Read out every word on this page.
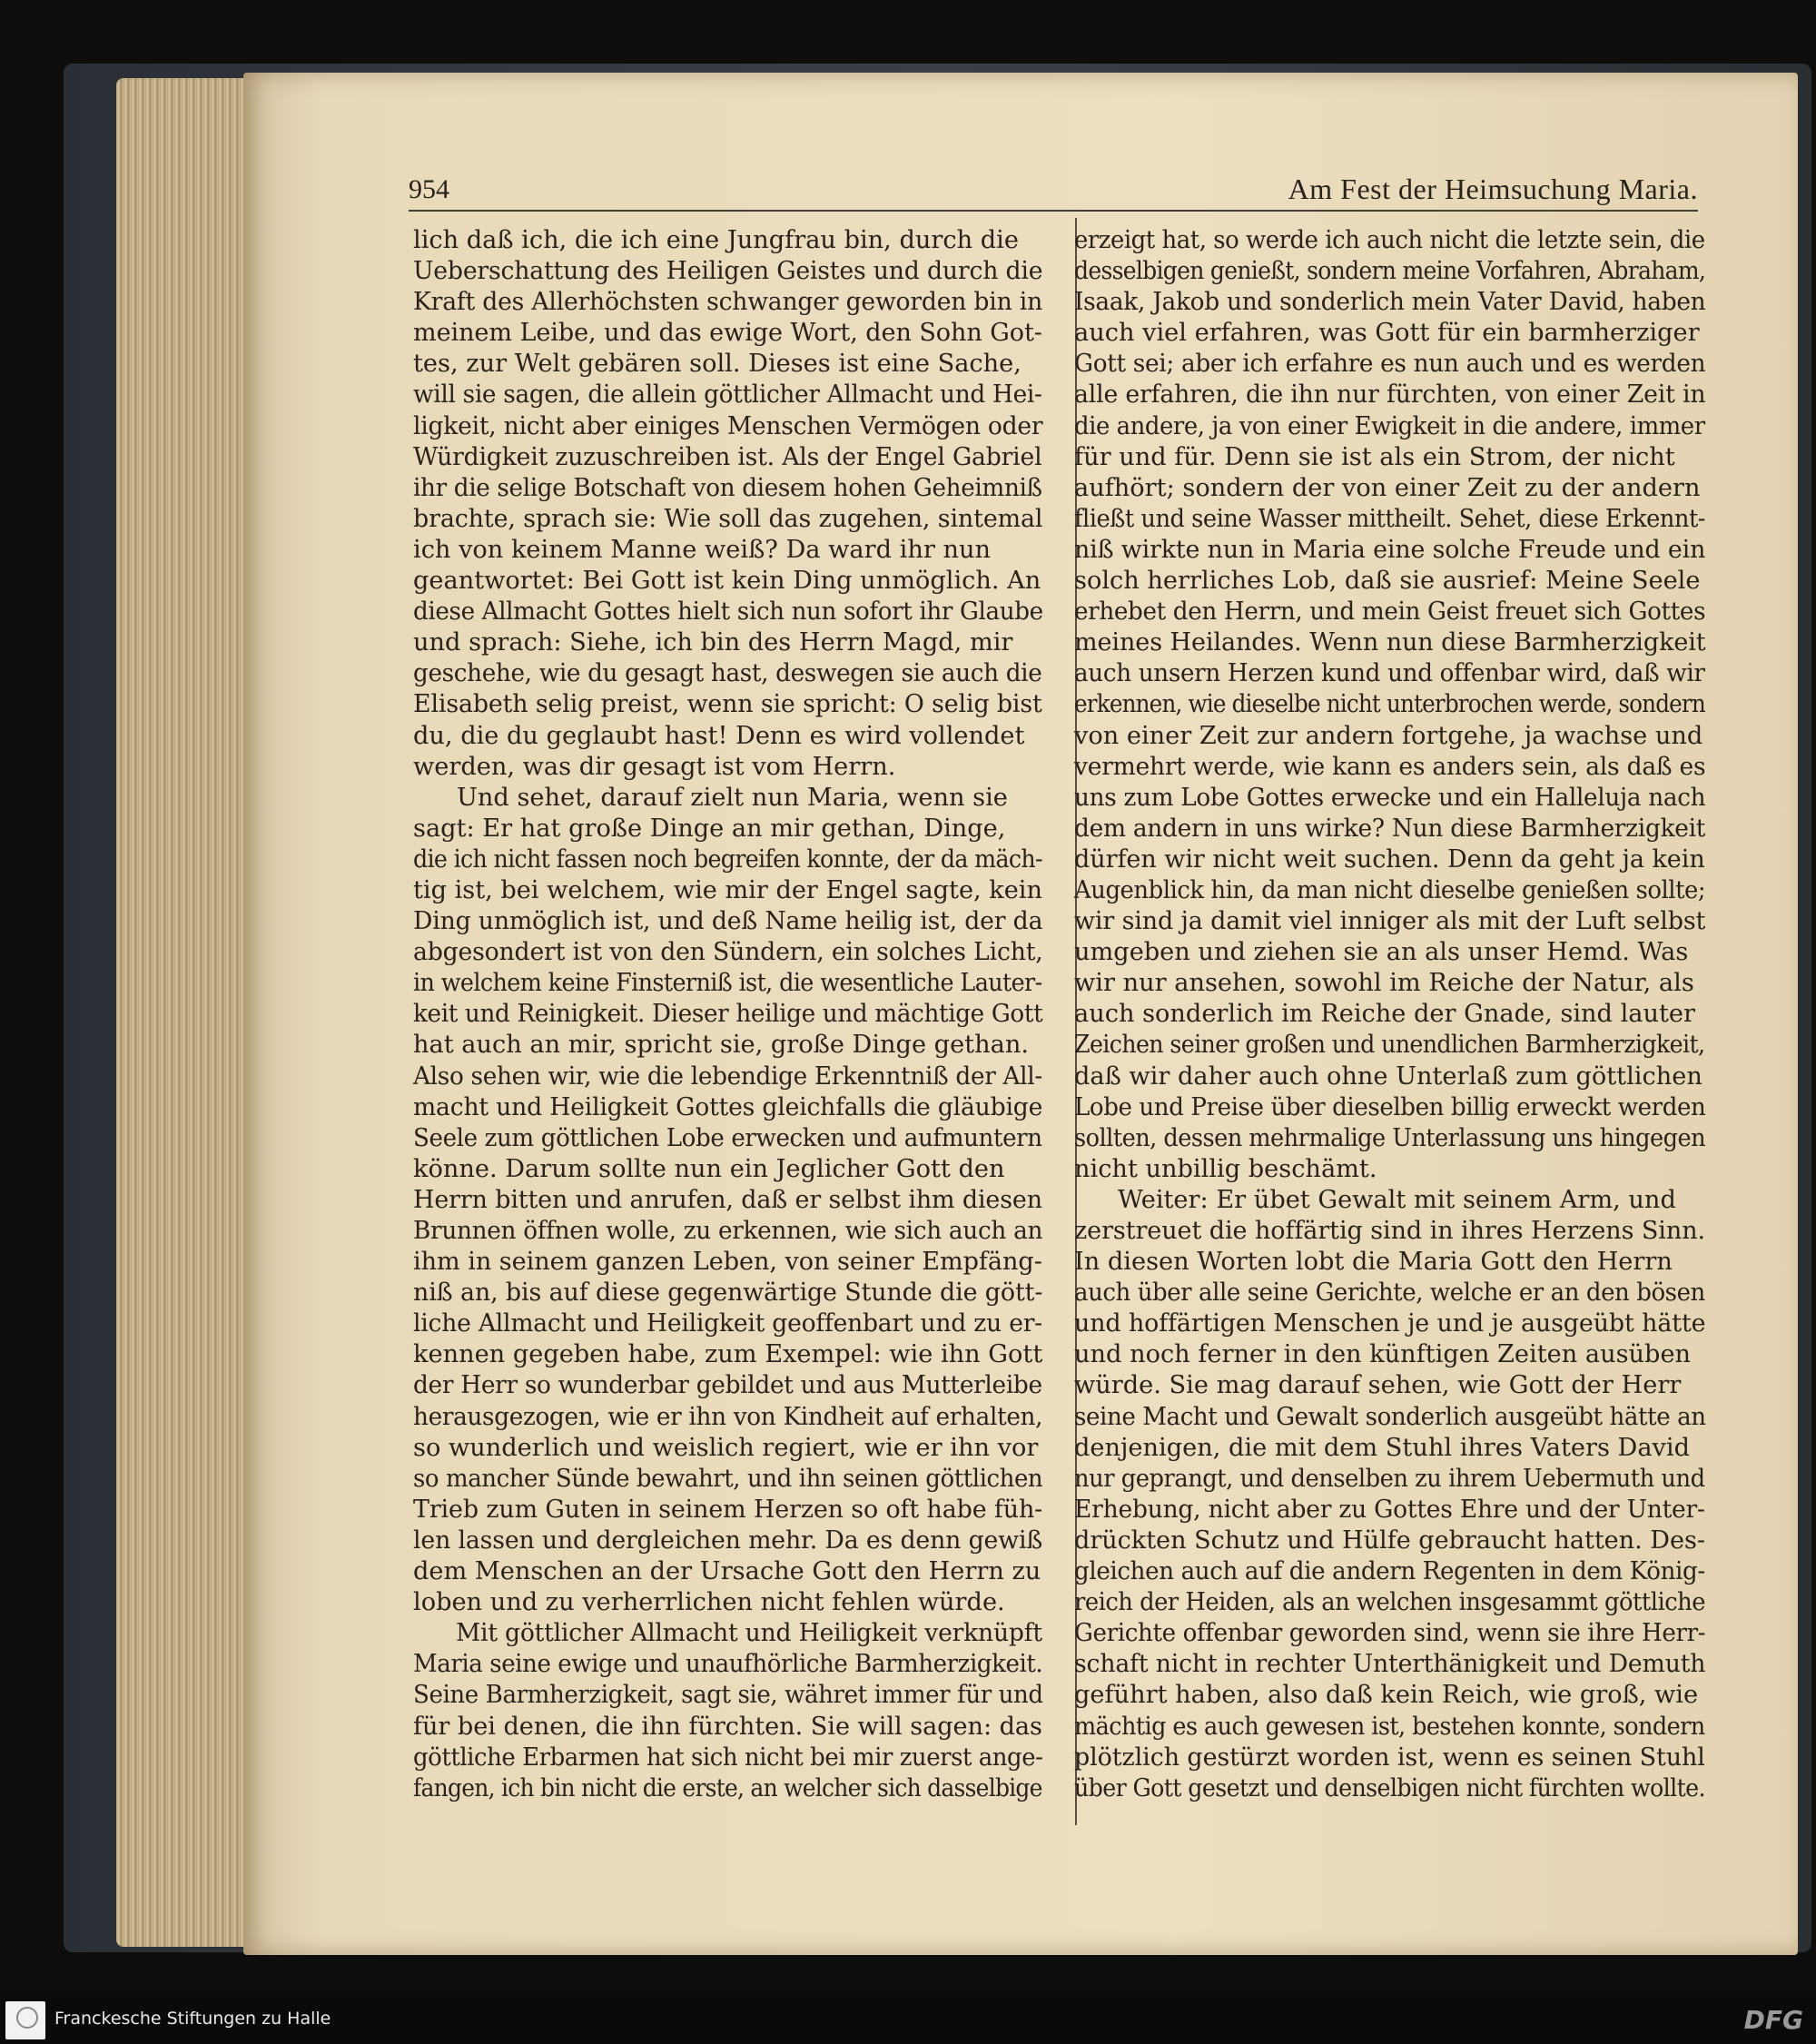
954	Am Fest der Heimsuchung Maria.
lich daß ich, die ich eine Jungfrau bin, durch die
Ueberschattung des Heiligen Geistes und durch die
Kraft des Allerhöchsten schwanger geworden bin in
meinem Leibe, und das ewige Wort, den Sohn Got-
tes, zur Welt gebären soll. Dieses ist eine Sache,
will sie sagen, die allein göttlicher Allmacht und Hei-
ligkeit, nicht aber einiges Menschen Vermögen oder
Würdigkeit zuzuschreiben ist. Als der Engel Gabriel
ihr die selige Botschaft von diesem hohen Geheimniß
brachte, sprach sie: Wie soll das zugehen, sintemal
ich von keinem Manne weiß? Da ward ihr nun
geantwortet: Bei Gott ist kein Ding unmöglich. An
diese Allmacht Gottes hielt sich nun sofort ihr Glaube
und sprach: Siehe, ich bin des Herrn Magd, mir
geschehe, wie du gesagt hast, deswegen sie auch die
Elisabeth selig preist, wenn sie spricht: O selig bist
du, die du geglaubt hast! Denn es wird vollendet
werden, was dir gesagt ist vom Herrn.
Und sehet, darauf zielt nun Maria, wenn sie
sagt: Er hat große Dinge an mir gethan, Dinge,
die ich nicht fassen noch begreifen konnte, der da mäch-
tig ist, bei welchem, wie mir der Engel sagte, kein
Ding unmöglich ist, und deß Name heilig ist, der da
abgesondert ist von den Sündern, ein solches Licht,
in welchem keine Finsterniß ist, die wesentliche Lauter-
keit und Reinigkeit. Dieser heilige und mächtige Gott
hat auch an mir, spricht sie, große Dinge gethan.
Also sehen wir, wie die lebendige Erkenntniß der All-
macht und Heiligkeit Gottes gleichfalls die gläubige
Seele zum göttlichen Lobe erwecken und aufmuntern
könne. Darum sollte nun ein Jeglicher Gott den
Herrn bitten und anrufen, daß er selbst ihm diesen
Brunnen öffnen wolle, zu erkennen, wie sich auch an
ihm in seinem ganzen Leben, von seiner Empfäng-
niß an, bis auf diese gegenwärtige Stunde die gött-
liche Allmacht und Heiligkeit geoffenbart und zu er-
kennen gegeben habe, zum Exempel: wie ihn Gott
der Herr so wunderbar gebildet und aus Mutterleibe
herausgezogen, wie er ihn von Kindheit auf erhalten,
so wunderlich und weislich regiert, wie er ihn vor
so mancher Sünde bewahrt, und ihn seinen göttlichen
Trieb zum Guten in seinem Herzen so oft habe füh-
len lassen und dergleichen mehr. Da es denn gewiß
dem Menschen an der Ursache Gott den Herrn zu
loben und zu verherrlichen nicht fehlen würde.
Mit göttlicher Allmacht und Heiligkeit verknüpft
Maria seine ewige und unaufhörliche Barmherzigkeit.
Seine Barmherzigkeit, sagt sie, währet immer für und
für bei denen, die ihn fürchten. Sie will sagen: das
göttliche Erbarmen hat sich nicht bei mir zuerst ange-
fangen, ich bin nicht die erste, an welcher sich dasselbige
erzeigt hat, so werde ich auch nicht die letzte sein, die
desselbigen genießt, sondern meine Vorfahren, Abraham,
Isaak, Jakob und sonderlich mein Vater David, haben
auch viel erfahren, was Gott für ein barmherziger
Gott sei; aber ich erfahre es nun auch und es werden
alle erfahren, die ihn nur fürchten, von einer Zeit in
die andere, ja von einer Ewigkeit in die andere, immer
für und für. Denn sie ist als ein Strom, der nicht
aufhört; sondern der von einer Zeit zu der andern
fließt und seine Wasser mittheilt. Sehet, diese Erkennt-
niß wirkte nun in Maria eine solche Freude und ein
solch herrliches Lob, daß sie ausrief: Meine Seele
erhebet den Herrn, und mein Geist freuet sich Gottes
meines Heilandes. Wenn nun diese Barmherzigkeit
auch unsern Herzen kund und offenbar wird, daß wir
erkennen, wie dieselbe nicht unterbrochen werde, sondern
von einer Zeit zur andern fortgehe, ja wachse und
vermehrt werde, wie kann es anders sein, als daß es
uns zum Lobe Gottes erwecke und ein Halleluja nach
dem andern in uns wirke? Nun diese Barmherzigkeit
dürfen wir nicht weit suchen. Denn da geht ja kein
Augenblick hin, da man nicht dieselbe genießen sollte;
wir sind ja damit viel inniger als mit der Luft selbst
umgeben und ziehen sie an als unser Hemd. Was
wir nur ansehen, sowohl im Reiche der Natur, als
auch sonderlich im Reiche der Gnade, sind lauter
Zeichen seiner großen und unendlichen Barmherzigkeit,
daß wir daher auch ohne Unterlaß zum göttlichen
Lobe und Preise über dieselben billig erweckt werden
sollten, dessen mehrmalige Unterlassung uns hingegen
nicht unbillig beschämt.
Weiter: Er übet Gewalt mit seinem Arm, und
zerstreuet die hoffärtig sind in ihres Herzens Sinn.
In diesen Worten lobt die Maria Gott den Herrn
auch über alle seine Gerichte, welche er an den bösen
und hoffärtigen Menschen je und je ausgeübt hätte
und noch ferner in den künftigen Zeiten ausüben
würde. Sie mag darauf sehen, wie Gott der Herr
seine Macht und Gewalt sonderlich ausgeübt hätte an
denjenigen, die mit dem Stuhl ihres Vaters David
nur geprangt, und denselben zu ihrem Uebermuth und
Erhebung, nicht aber zu Gottes Ehre und der Unter-
drückten Schutz und Hülfe gebraucht hatten. Des-
gleichen auch auf die andern Regenten in dem König-
reich der Heiden, als an welchen insgesammt göttliche
Gerichte offenbar geworden sind, wenn sie ihre Herr-
schaft nicht in rechter Unterthänigkeit und Demuth
geführt haben, also daß kein Reich, wie groß, wie
mächtig es auch gewesen ist, bestehen konnte, sondern
plötzlich gestürzt worden ist, wenn es seinen Stuhl
über Gott gesetzt und denselbigen nicht fürchten wollte.
Franckesche Stiftungen zu Halle	DFG
